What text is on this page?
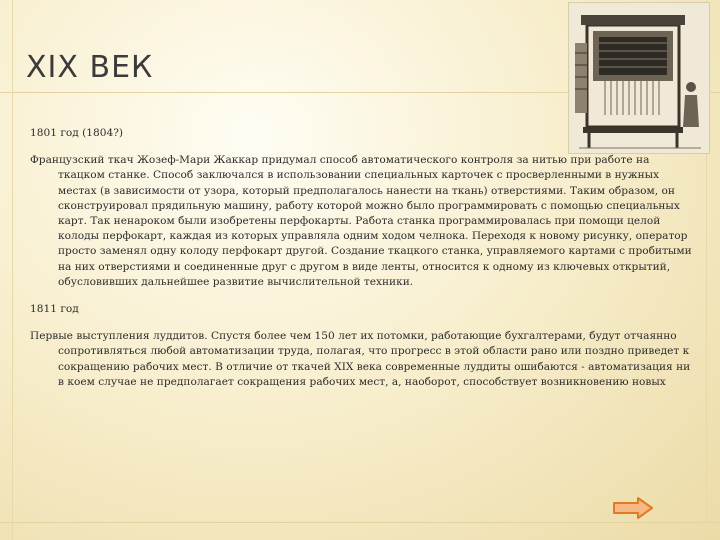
XIX ВЕК

1801 год (1804?)

Французский ткач Жозеф-Мари Жаккар придумал способ автоматического контроля за нитью при работе на ткацком станке. Способ заключался в использовании специальных карточек с просверленными в нужных местах (в зависимости от узора, который предполагалось нанести на ткань) отверстиями. Таким образом, он сконструировал прядильную машину, работу которой можно было программировать с помощью специальных карт. Так ненароком были изобретены перфокарты. Работа станка программировалась при помощи целой колоды перфокарт, каждая из которых управляла одним ходом челнока. Переходя к новому рисунку, оператор просто заменял одну колоду перфокарт другой. Создание ткацкого станка, управляемого картами с пробитыми на них отверстиями и соединенные друг с другом в виде ленты, относится к одному из ключевых открытий, обусловивших дальнейшее развитие вычислительной техники.

1811 год

Первые выступления луддитов. Спустя более чем 150 лет их потомки, работающие бухгалтерами, будут отчаянно сопротивляться любой автоматизации труда, полагая, что прогресс в этой области рано или поздно приведет к сокращению рабочих мест. В отличие от ткачей XIX века современные луддиты ошибаются - автоматизация ни в коем случае не предполагает сокращения рабочих мест, а, наоборот, способствует возникновению новых
